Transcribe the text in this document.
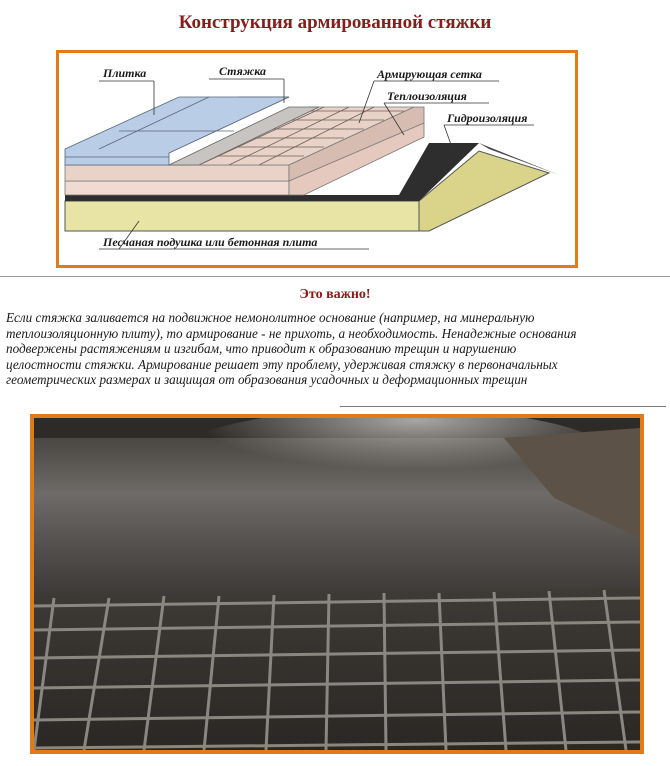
Конструкция армированной стяжки
Плитка	Стяжка	Армирующая сетка
Теплоизоляция
Гидроизоляция
Песчаная подушка или бетонная плита
Это важно!
Если стяжка заливается на подвижное немонолитное основание (например, на минеральную
теплоизоляционную плиту), то армирование - не прихоть, а необходимость. Ненадежные основания
подвержены растяжениям и изгибам, что приводит к образованию трещин и нарушению
целостности стяжки. Армирование решает эту проблему, удерживая стяжку в первоначальных
геометрических размерах и защищая от образования усадочных и деформационных трещин
